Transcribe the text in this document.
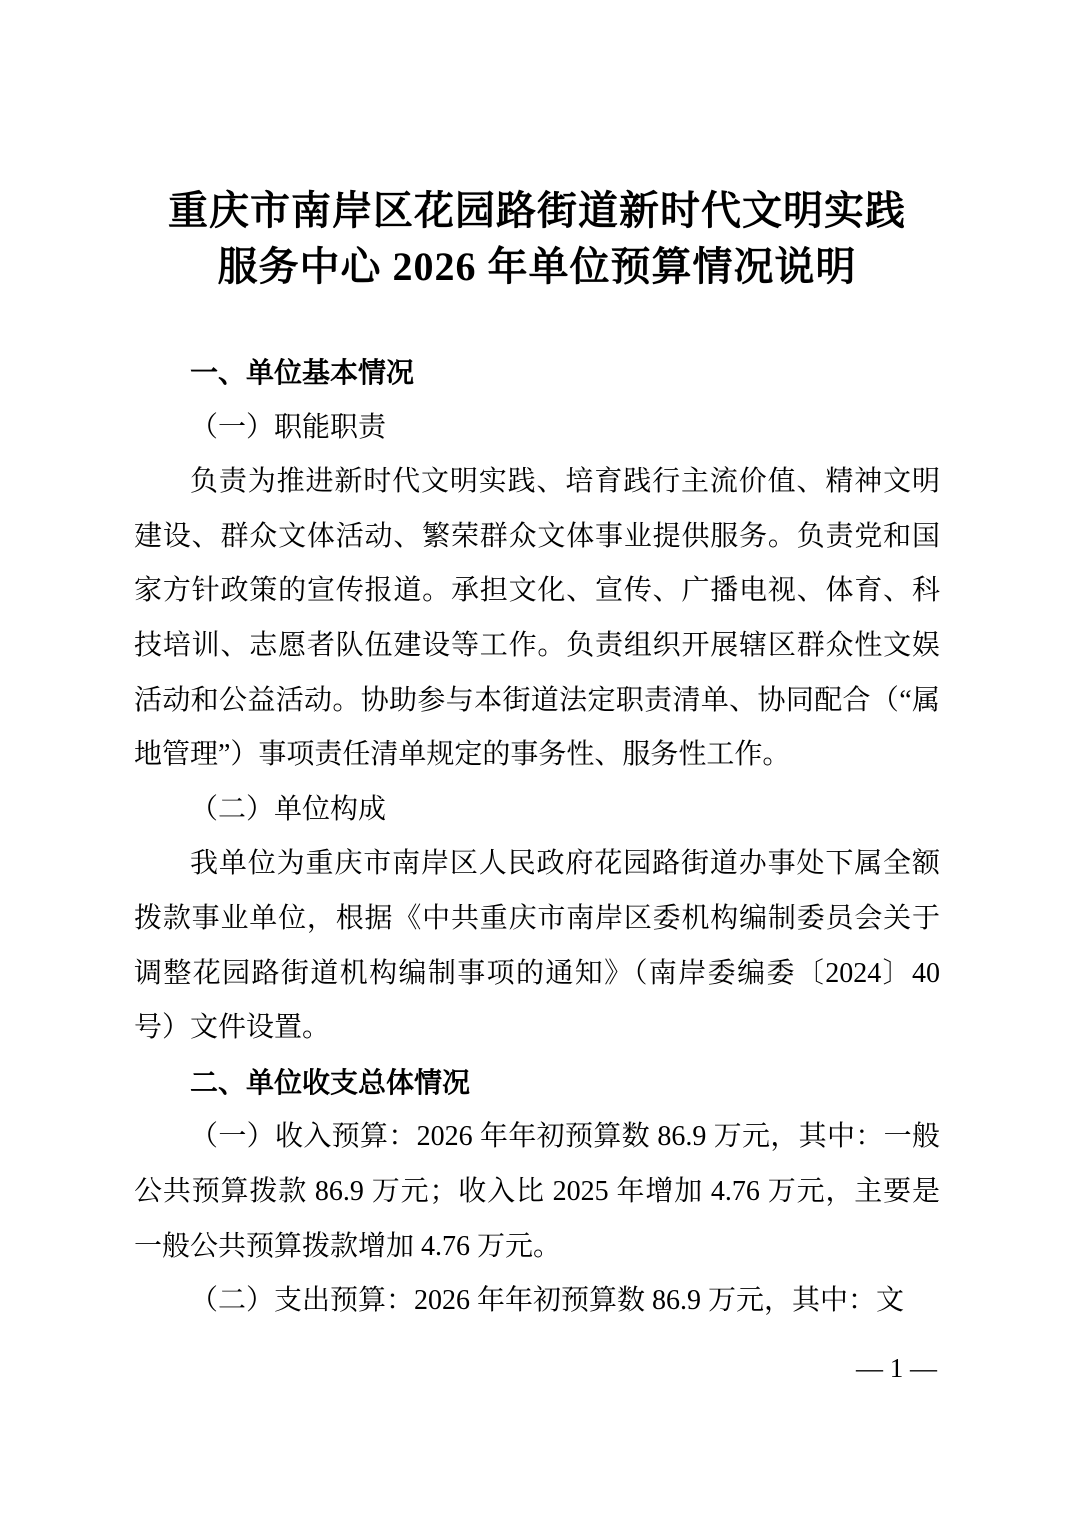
重庆市南岸区花园路街道新时代文明实践
服务中心 2026 年单位预算情况说明
一、单位基本情况
（一）职能职责

负责为推进新时代文明实践、培育践行主流价值、精神文明建设、群众文体活动、繁荣群众文体事业提供服务。负责党和国家方针政策的宣传报道。承担文化、宣传、广播电视、体育、科技培训、志愿者队伍建设等工作。负责组织开展辖区群众性文娱活动和公益活动。协助参与本街道法定职责清单、协同配合（“属地管理”）事项责任清单规定的事务性、服务性工作。

（二）单位构成

我单位为重庆市南岸区人民政府花园路街道办事处下属全额拨款事业单位，根据《中共重庆市南岸区委机构编制委员会关于调整花园路街道机构编制事项的通知》（南岸委编委〔2024〕40 号）文件设置。

二、单位收支总体情况

（一）收入预算：2026 年年初预算数 86.9 万元，其中：一般公共预算拨款 86.9 万元；收入比 2025 年增加 4.76 万元，主要是一般公共预算拨款增加 4.76 万元。

（二）支出预算：2026 年年初预算数 86.9 万元，其中：文

— 1 —
